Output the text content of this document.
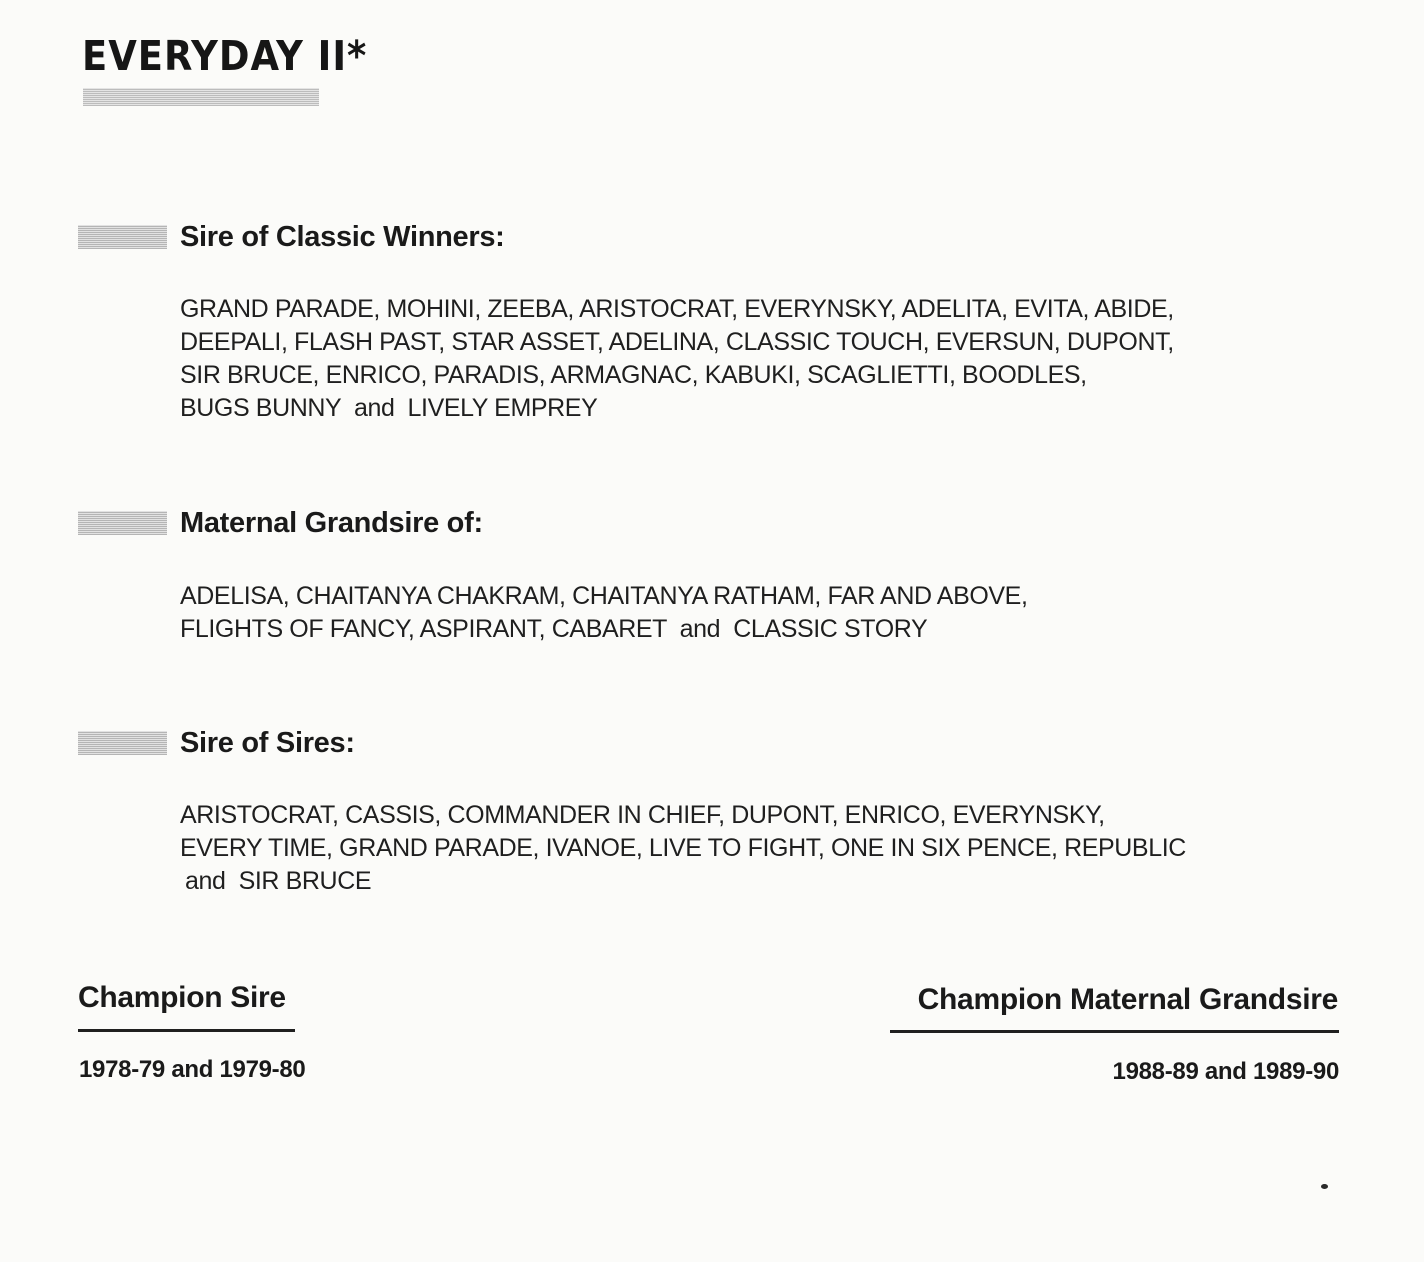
EVERYDAY II*
Sire of Classic Winners:

GRAND PARADE, MOHINI, ZEEBA, ARISTOCRAT, EVERYNSKY, ADELITA, EVITA, ABIDE,
DEEPALI, FLASH PAST, STAR ASSET, ADELINA, CLASSIC TOUCH, EVERSUN, DUPONT,
SIR BRUCE, ENRICO, PARADIS, ARMAGNAC, KABUKI, SCAGLIETTI, BOODLES,
BUGS BUNNY  and  LIVELY EMPREY

Maternal Grandsire of:

ADELISA, CHAITANYA CHAKRAM, CHAITANYA RATHAM, FAR AND ABOVE,
FLIGHTS OF FANCY, ASPIRANT, CABARET  and  CLASSIC STORY

Sire of Sires:

ARISTOCRAT, CASSIS, COMMANDER IN CHIEF, DUPONT, ENRICO, EVERYNSKY,
EVERY TIME, GRAND PARADE, IVANOE, LIVE TO FIGHT, ONE IN SIX PENCE, REPUBLIC
and  SIR BRUCE

Champion Sire

1978-79 and 1979-80

Champion Maternal Grandsire

1988-89 and 1989-90
